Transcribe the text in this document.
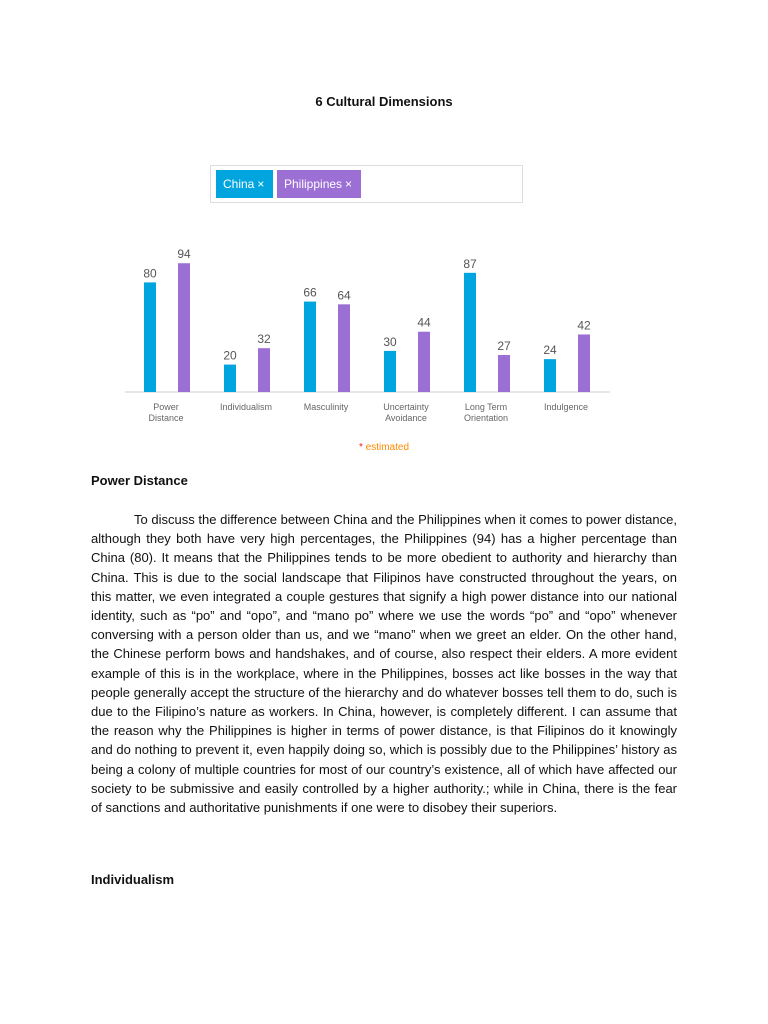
6 Cultural Dimensions
China ×	Philippines ×
80
94
Power
Distance
20
32
Individualism
66 64
Masculinity
30
44
Uncertainty
Avoidance
87
27
Long Term
Orientation
24
42
Indulgence
* estimated
Power Distance

To discuss the difference between China and the Philippines when it comes to power distance, although they both have very high percentages, the Philippines (94) has a higher percentage than China (80). It means that the Philippines tends to be more obedient to authority and hierarchy than China. This is due to the social landscape that Filipinos have constructed throughout the years, on this matter, we even integrated a couple gestures that signify a high power distance into our national identity, such as “po” and “opo”, and “mano po” where we use the words “po” and “opo” whenever conversing with a person older than us, and we “mano” when we greet an elder. On the other hand, the Chinese perform bows and handshakes, and of course, also respect their elders. A more evident example of this is in the workplace, where in the Philippines, bosses act like bosses in the way that people generally accept the structure of the hierarchy and do whatever bosses tell them to do, such is due to the Filipino’s nature as workers. In China, however, is completely different. I can assume that the reason why the Philippines is higher in terms of power distance, is that Filipinos do it knowingly and do nothing to prevent it, even happily doing so, which is possibly due to the Philippines’ history as being a colony of multiple countries for most of our country’s existence, all of which have affected our society to be submissive and easily controlled by a higher authority.; while in China, there is the fear of sanctions and authoritative punishments if one were to disobey their superiors.

Individualism
